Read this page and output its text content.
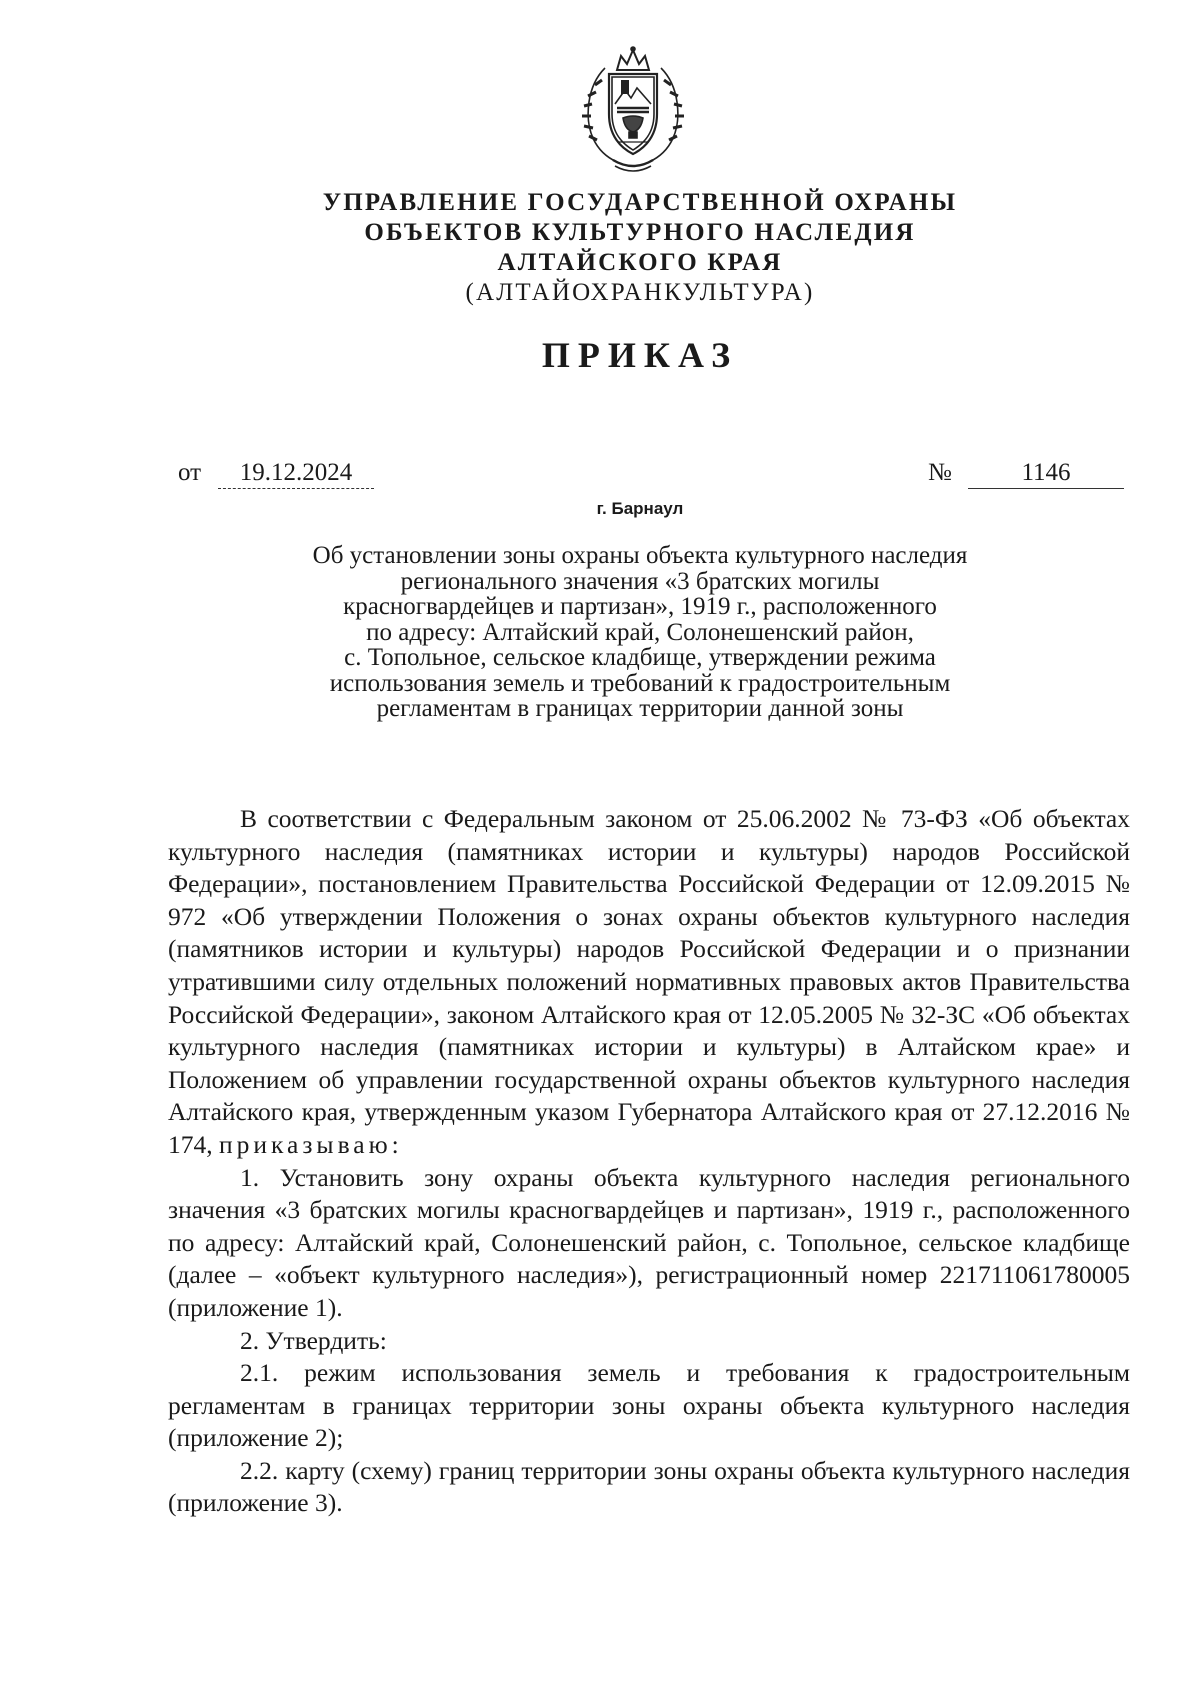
УПРАВЛЕНИЕ ГОСУДАРСТВЕННОЙ ОХРАНЫ

ОБЪЕКТОВ КУЛЬТУРНОГО НАСЛЕДИЯ

АЛТАЙСКОГО КРАЯ

(АЛТАЙОХРАНКУЛЬТУРА)

ПРИКАЗ
от	19.12.2024	№	1146
г. Барнаул
Об установлении зоны охраны объекта культурного наследия
регионального значения «3 братских могилы
красногвардейцев и партизан», 1919 г., расположенного
по адресу: Алтайский край, Солонешенский район,
с. Топольное, сельское кладбище, утверждении режима
использования земель и требований к градостроительным
регламентам в границах территории данной зоны

В соответствии с Федеральным законом от 25.06.2002 № 73-ФЗ «Об объектах культурного наследия (памятниках истории и культуры) народов Российской Федерации», постановлением Правительства Российской Федерации от 12.09.2015 № 972 «Об утверждении Положения о зонах охраны объектов культурного наследия (памятников истории и культуры) народов Российской Федерации и о признании утратившими силу отдельных положений нормативных правовых актов Правительства Российской Федерации», законом Алтайского края от 12.05.2005 № 32-ЗС «Об объектах культурного наследия (памятниках истории и культуры) в Алтайском крае» и Положением об управлении государственной охраны объектов культурного наследия Алтайского края, утвержденным указом Губернатора Алтайского края от 27.12.2016 № 174, приказываю:

1. Установить зону охраны объекта культурного наследия регионального значения «3 братских могилы красногвардейцев и партизан», 1919 г., расположенного по адресу: Алтайский край, Солонешенский район, с. Топольное, сельское кладбище (далее – «объект культурного наследия»), регистрационный номер 221711061780005 (приложение 1).

2. Утвердить:

2.1. режим использования земель и требования к градостроительным регламентам в границах территории зоны охраны объекта культурного наследия (приложение 2);

2.2. карту (схему) границ территории зоны охраны объекта культурного наследия (приложение 3).
